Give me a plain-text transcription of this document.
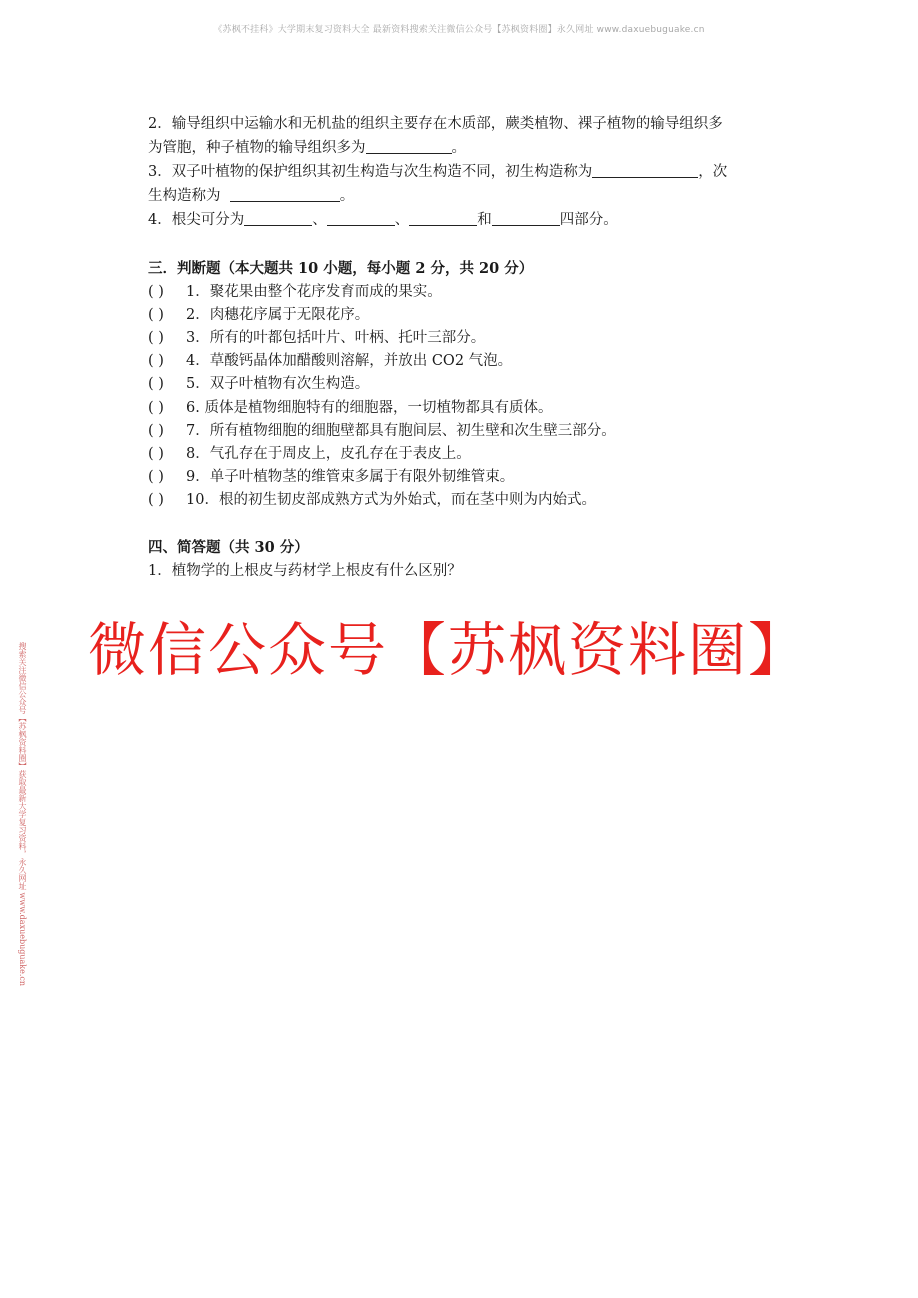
《苏枫不挂科》大学期末复习资料大全 最新资料搜索关注微信公众号【苏枫资料圈】永久网址 www.daxuebuguake.cn
搜索关注微信公众号【苏枫资料圈】获取最新大学复习资料，永久网址 www.daxuebuguake.cn
2．输导组织中运输水和无机盐的组织主要存在木质部，蕨类植物、裸子植物的输导组织多
为管胞，种子植物的输导组织多为	。
3．双子叶植物的保护组织其初生构造与次生构造不同，初生构造称为	，次
生构造称为	。
4．根尖可分为	、	、	和	四部分。
三．判断题（本大题共 10 小题，每小题 2 分，共 20 分）
( ) 1．聚花果由整个花序发育而成的果实。
( ) 2．肉穗花序属于无限花序。
( ) 3．所有的叶都包括叶片、叶柄、托叶三部分。
( ) 4．草酸钙晶体加醋酸则溶解，并放出 CO2 气泡。
( ) 5．双子叶植物有次生构造。
( ) 6. 质体是植物细胞特有的细胞器，一切植物都具有质体。
( ) 7．所有植物细胞的细胞壁都具有胞间层、初生壁和次生壁三部分。
( ) 8．气孔存在于周皮上，皮孔存在于表皮上。
( ) 9．单子叶植物茎的维管束多属于有限外韧维管束。
( ) 10．根的初生韧皮部成熟方式为外始式，而在茎中则为内始式。
四、简答题（共 30 分）
1．植物学的上根皮与药材学上根皮有什么区别？
微信公众号【苏枫资料圈】
